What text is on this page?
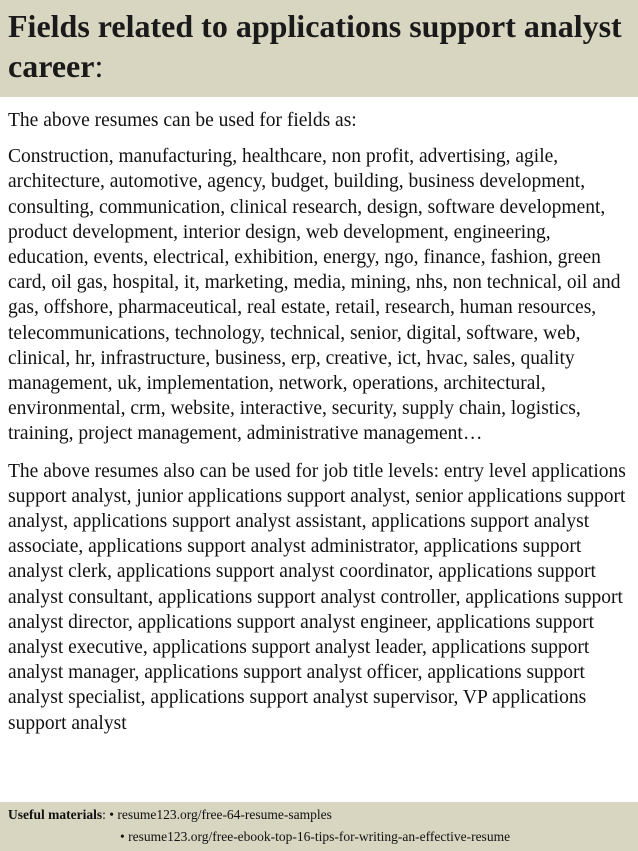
Fields related to applications support analyst career:

The above resumes can be used for fields as:

Construction, manufacturing, healthcare, non profit, advertising, agile, architecture, automotive, agency, budget, building, business development, consulting, communication, clinical research, design, software development, product development, interior design, web development, engineering, education, events, electrical, exhibition, energy, ngo, finance, fashion, green card, oil gas, hospital, it, marketing, media, mining, nhs, non technical, oil and gas, offshore, pharmaceutical, real estate, retail, research, human resources, telecommunications, technology, technical, senior, digital, software, web, clinical, hr, infrastructure, business, erp, creative, ict, hvac, sales, quality management, uk, implementation, network, operations, architectural, environmental, crm, website, interactive, security, supply chain, logistics, training, project management, administrative management…

The above resumes also can be used for job title levels: entry level applications support analyst, junior applications support analyst, senior applications support analyst, applications support analyst assistant, applications support analyst associate, applications support analyst administrator, applications support analyst clerk, applications support analyst coordinator, applications support analyst consultant, applications support analyst controller, applications support analyst director, applications support analyst engineer, applications support analyst executive, applications support analyst leader, applications support analyst manager, applications support analyst officer, applications support analyst specialist, applications support analyst supervisor, VP applications support analyst

Useful materials: • resume123.org/free-64-resume-samples
• resume123.org/free-ebook-top-16-tips-for-writing-an-effective-resume
